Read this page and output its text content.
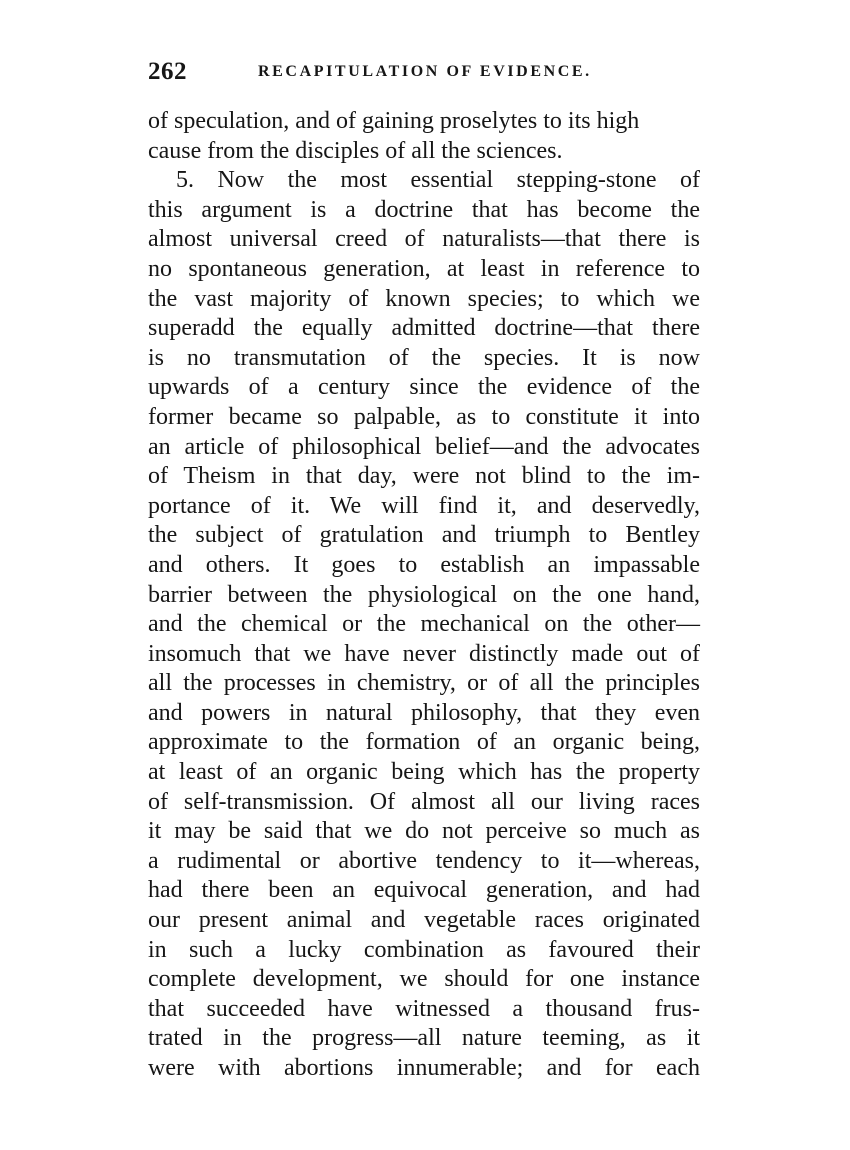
262	RECAPITULATION OF EVIDENCE.
of speculation, and of gaining proselytes to its high
cause from the disciples of all the sciences.
5. Now the most essential stepping-stone of
this argument is a doctrine that has become the
almost universal creed of naturalists—that there is
no spontaneous generation, at least in reference to
the vast majority of known species; to which we
superadd the equally admitted doctrine—that there
is no transmutation of the species. It is now
upwards of a century since the evidence of the
former became so palpable, as to constitute it into
an article of philosophical belief—and the advocates
of Theism in that day, were not blind to the im-
portance of it. We will find it, and deservedly,
the subject of gratulation and triumph to Bentley
and others. It goes to establish an impassable
barrier between the physiological on the one hand,
and the chemical or the mechanical on the other—
insomuch that we have never distinctly made out of
all the processes in chemistry, or of all the principles
and powers in natural philosophy, that they even
approximate to the formation of an organic being,
at least of an organic being which has the property
of self-transmission. Of almost all our living races
it may be said that we do not perceive so much as
a rudimental or abortive tendency to it—whereas,
had there been an equivocal generation, and had
our present animal and vegetable races originated
in such a lucky combination as favoured their
complete development, we should for one instance
that succeeded have witnessed a thousand frus-
trated in the progress—all nature teeming, as it
were with abortions innumerable; and for each
